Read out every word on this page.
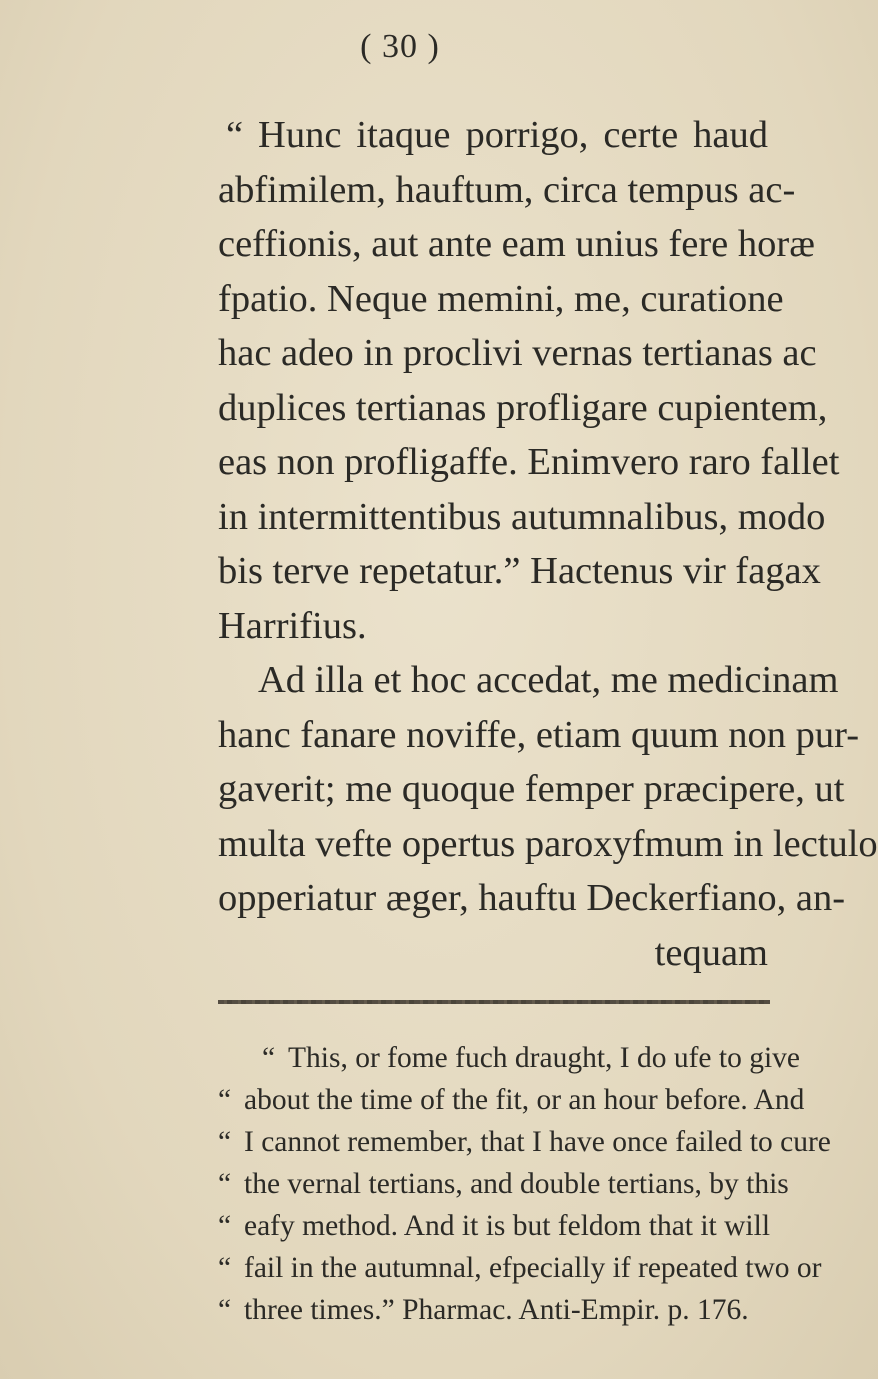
( 30 )
“ Hunc itaque porrigo, certe haud
abfimilem, hauftum, circa tempus ac-
ceffionis, aut ante eam unius fere horæ
fpatio. Neque memini, me, curatione
hac adeo in proclivi vernas tertianas ac
duplices tertianas profligare cupientem,
eas non profligaffe. Enimvero raro fallet
in intermittentibus autumnalibus, modo
bis terve repetatur.” Hactenus vir fagax
Harrifius.
Ad illa et hoc accedat, me medicinam
hanc fanare noviffe, etiam quum non pur-
gaverit; me quoque femper præcipere, ut
multa vefte opertus paroxyfmum in lectulo
opperiatur æger, hauftu Deckerfiano, an-

tequam
“ This, or fome fuch draught, I do ufe to give
“ about the time of the fit, or an hour before. And
“ I cannot remember, that I have once failed to cure
“ the vernal tertians, and double tertians, by this
“ eafy method. And it is but feldom that it will
“ fail in the autumnal, efpecially if repeated two or
“ three times.” Pharmac. Anti-Empir. p. 176.
